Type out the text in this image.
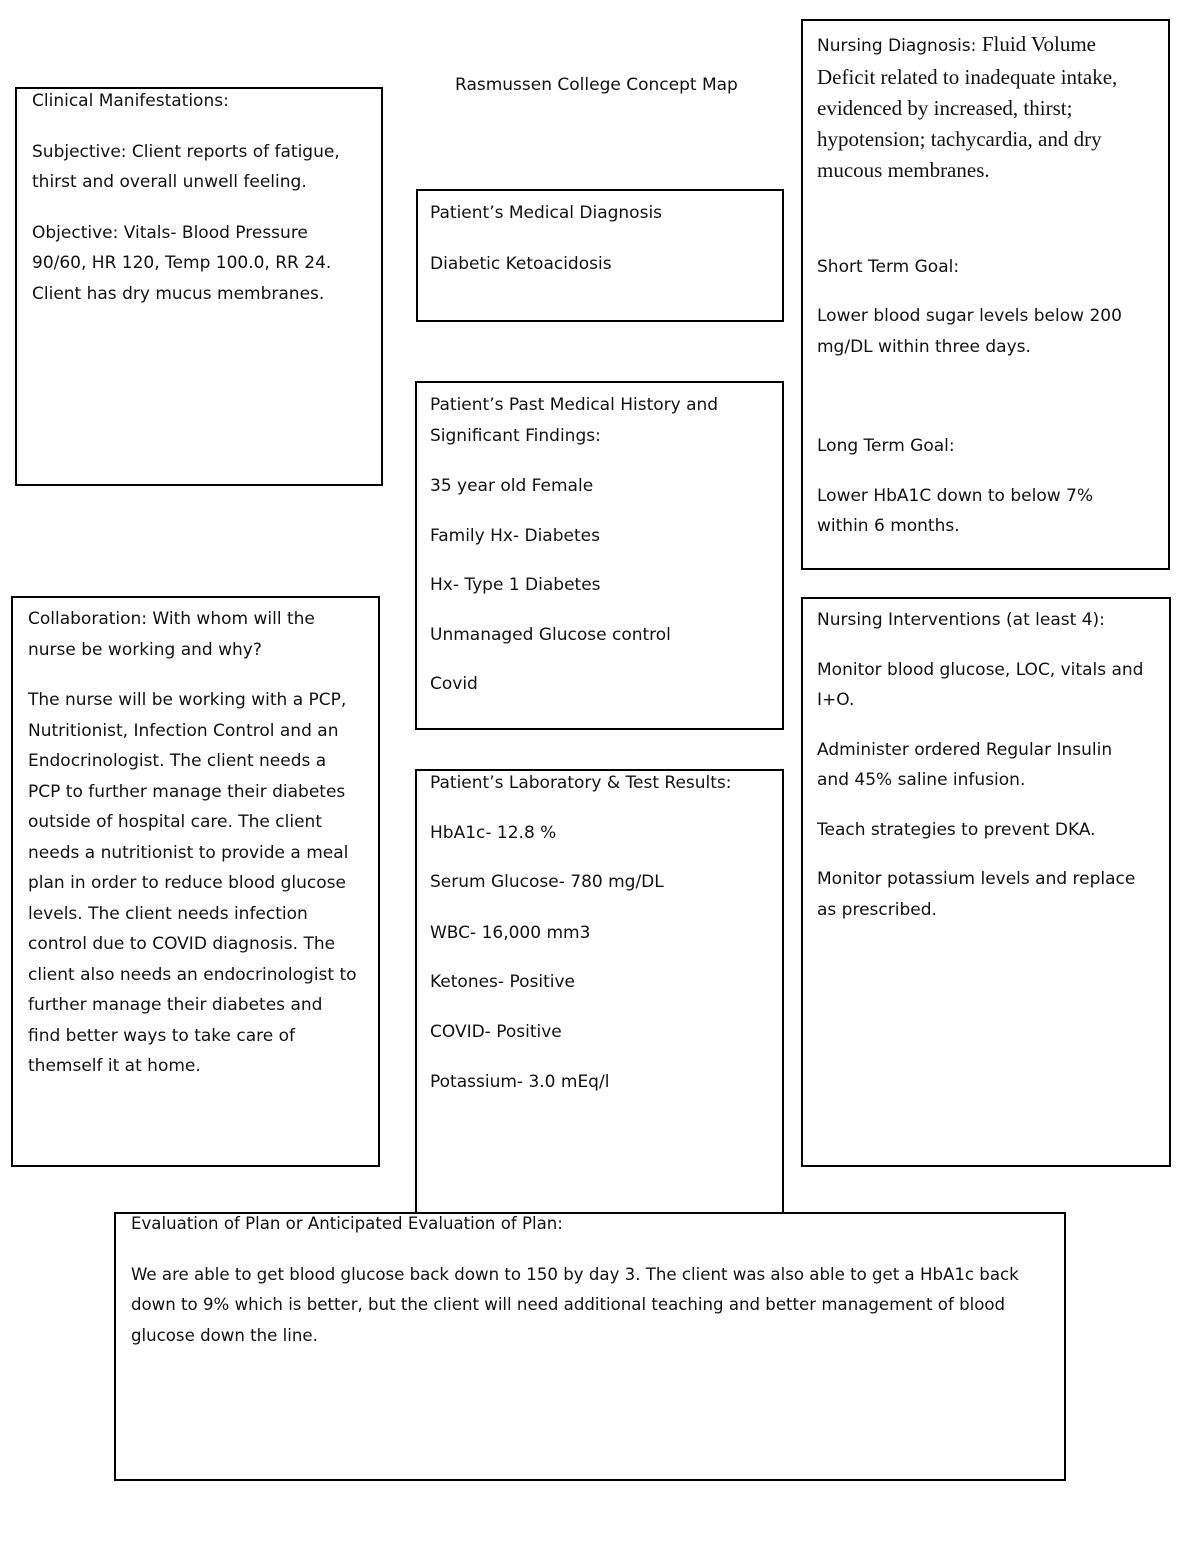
Rasmussen College Concept Map
Clinical Manifestations:
Subjective: Client reports of fatigue,
thirst and overall unwell feeling.
Objective: Vitals- Blood Pressure
90/60, HR 120, Temp 100.0, RR 24.
Client has dry mucus membranes.
Patient’s Medical Diagnosis
Diabetic Ketoacidosis
Patient’s Past Medical History and
Significant Findings:
35 year old Female
Family Hx- Diabetes
Hx- Type 1 Diabetes
Unmanaged Glucose control
Covid
Patient’s Laboratory & Test Results:
HbA1c- 12.8 %
Serum Glucose- 780 mg/DL
WBC- 16,000 mm3
Ketones- Positive
COVID- Positive
Potassium- 3.0 mEq/l
Nursing Diagnosis: Fluid Volume
Deficit related to inadequate intake,
evidenced by increased, thirst;
hypotension; tachycardia, and dry
mucous membranes.
Short Term Goal:
Lower blood sugar levels below 200
mg/DL within three days.
Long Term Goal:
Lower HbA1C down to below 7%
within 6 months.
Collaboration: With whom will the
nurse be working and why?
The nurse will be working with a PCP,
Nutritionist, Infection Control and an
Endocrinologist. The client needs a
PCP to further manage their diabetes
outside of hospital care. The client
needs a nutritionist to provide a meal
plan in order to reduce blood glucose
levels. The client needs infection
control due to COVID diagnosis. The
client also needs an endocrinologist to
further manage their diabetes and
find better ways to take care of
themself it at home.
Nursing Interventions (at least 4):
Monitor blood glucose, LOC, vitals and
I+O.
Administer ordered Regular Insulin
and 45% saline infusion.
Teach strategies to prevent DKA.
Monitor potassium levels and replace
as prescribed.
Evaluation of Plan or Anticipated Evaluation of Plan:
We are able to get blood glucose back down to 150 by day 3. The client was also able to get a HbA1c back
down to 9% which is better, but the client will need additional teaching and better management of blood
glucose down the line.
